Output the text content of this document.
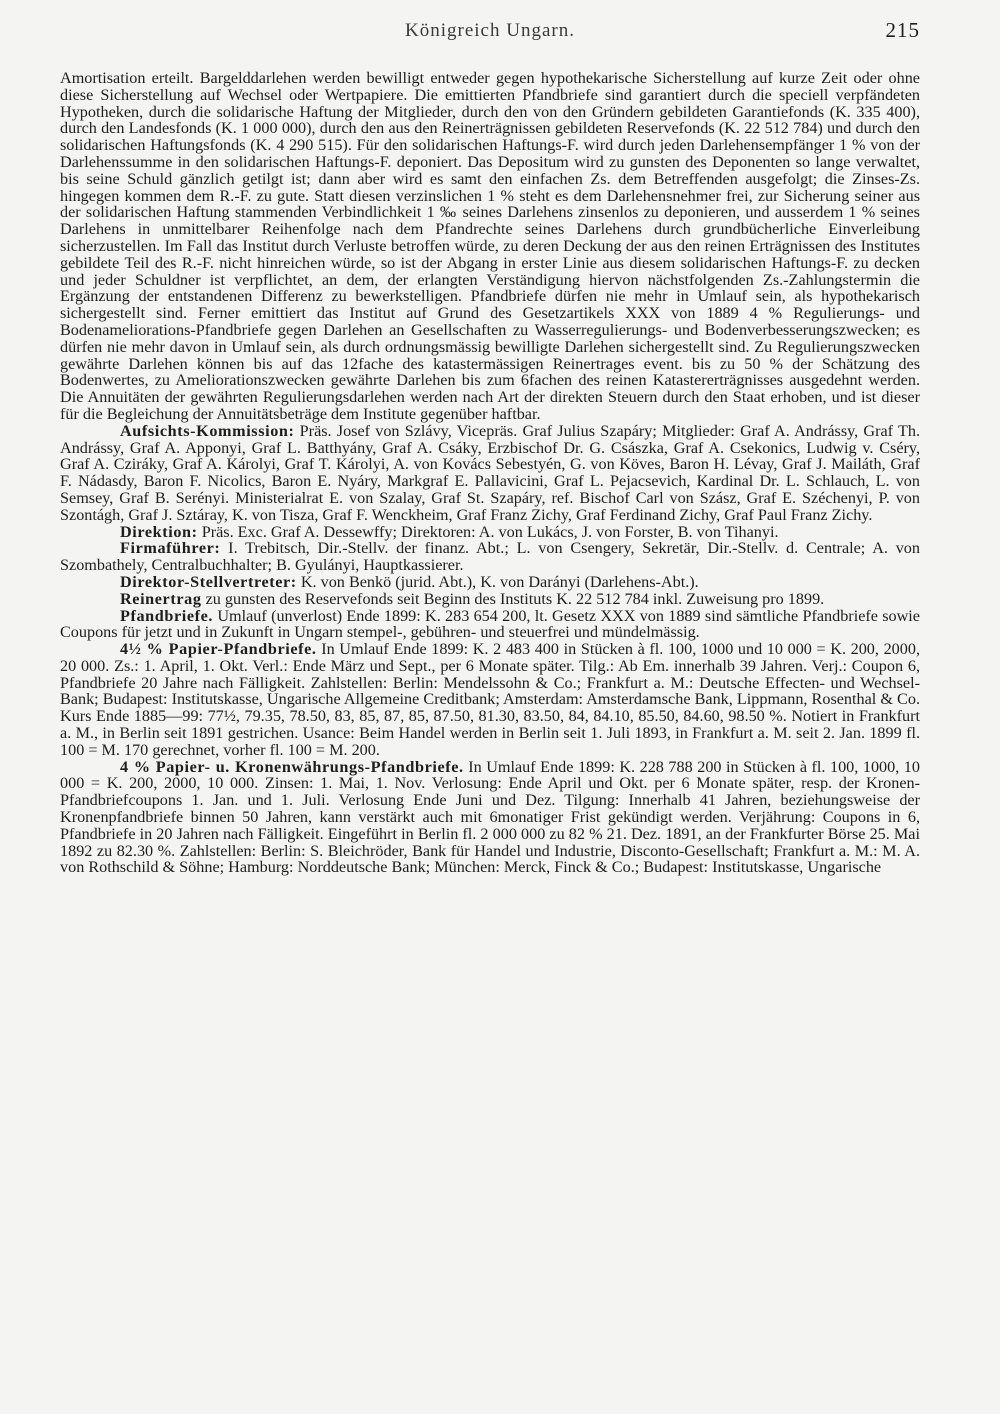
Königreich Ungarn.	215

Amortisation erteilt. Bargelddarlehen werden bewilligt entweder gegen hypothekarische Sicherstellung auf kurze Zeit oder ohne diese Sicherstellung auf Wechsel oder Wertpapiere. Die emittierten Pfandbriefe sind garantiert durch die speciell verpfändeten Hypotheken, durch die solidarische Haftung der Mitglieder, durch den von den Gründern gebildeten Garantiefonds (K. 335 400), durch den Landesfonds (K. 1 000 000), durch den aus den Reinerträgnissen gebildeten Reservefonds (K. 22 512 784) und durch den solidarischen Haftungsfonds (K. 4 290 515). Für den solidarischen Haftungs-F. wird durch jeden Darlehensempfänger 1 % von der Darlehenssumme in den solidarischen Haftungs-F. deponiert. Das Depositum wird zu gunsten des Deponenten so lange verwaltet, bis seine Schuld gänzlich getilgt ist; dann aber wird es samt den einfachen Zs. dem Betreffenden ausgefolgt; die Zinses-Zs. hingegen kommen dem R.-F. zu gute. Statt diesen verzinslichen 1 % steht es dem Darlehensnehmer frei, zur Sicherung seiner aus der solidarischen Haftung stammenden Verbindlichkeit 1 ‰ seines Darlehens zinsenlos zu deponieren, und ausserdem 1 % seines Darlehens in unmittelbarer Reihenfolge nach dem Pfandrechte seines Darlehens durch grundbücherliche Einverleibung sicherzustellen. Im Fall das Institut durch Verluste betroffen würde, zu deren Deckung der aus den reinen Erträgnissen des Institutes gebildete Teil des R.-F. nicht hinreichen würde, so ist der Abgang in erster Linie aus diesem solidarischen Haftungs-F. zu decken und jeder Schuldner ist verpflichtet, an dem, der erlangten Verständigung hiervon nächstfolgenden Zs.-Zahlungstermin die Ergänzung der entstandenen Differenz zu bewerkstelligen. Pfandbriefe dürfen nie mehr in Umlauf sein, als hypothekarisch sichergestellt sind. Ferner emittiert das Institut auf Grund des Gesetzartikels XXX von 1889 4 % Regulierungs- und Bodenameliorations-Pfandbriefe gegen Darlehen an Gesellschaften zu Wasserregulierungs- und Bodenverbesserungszwecken; es dürfen nie mehr davon in Umlauf sein, als durch ordnungsmässig bewilligte Darlehen sichergestellt sind. Zu Regulierungszwecken gewährte Darlehen können bis auf das 12fache des katastermässigen Reinertrages event. bis zu 50 % der Schätzung des Bodenwertes, zu Ameliorationszwecken gewährte Darlehen bis zum 6fachen des reinen Katastererträgnisses ausgedehnt werden. Die Annuitäten der gewährten Regulierungsdarlehen werden nach Art der direkten Steuern durch den Staat erhoben, und ist dieser für die Begleichung der Annuitätsbeträge dem Institute gegenüber haftbar.

Aufsichts-Kommission: Präs. Josef von Szlávy, Vicepräs. Graf Julius Szapáry; Mitglieder: Graf A. Andrássy, Graf Th. Andrássy, Graf A. Apponyi, Graf L. Batthyány, Graf A. Csáky, Erzbischof Dr. G. Császka, Graf A. Csekonics, Ludwig v. Cséry, Graf A. Cziráky, Graf A. Károlyi, Graf T. Károlyi, A. von Kovács Sebestyén, G. von Köves, Baron H. Lévay, Graf J. Mailáth, Graf F. Nádasdy, Baron F. Nicolics, Baron E. Nyáry, Markgraf E. Pallavicini, Graf L. Pejacsevich, Kardinal Dr. L. Schlauch, L. von Semsey, Graf B. Serényi. Ministerialrat E. von Szalay, Graf St. Szapáry, ref. Bischof Carl von Szász, Graf E. Széchenyi, P. von Szontágh, Graf J. Sztáray, K. von Tisza, Graf F. Wenckheim, Graf Franz Zichy, Graf Ferdinand Zichy, Graf Paul Franz Zichy.

Direktion: Präs. Exc. Graf A. Dessewffy; Direktoren: A. von Lukács, J. von Forster, B. von Tihanyi.

Firmaführer: I. Trebitsch, Dir.-Stellv. der finanz. Abt.; L. von Csengery, Sekretär, Dir.-Stellv. d. Centrale; A. von Szombathely, Centralbuchhalter; B. Gyulányi, Hauptkassierer.

Direktor-Stellvertreter: K. von Benkö (jurid. Abt.), K. von Darányi (Darlehens-Abt.).

Reinertrag zu gunsten des Reservefonds seit Beginn des Instituts K. 22 512 784 inkl. Zuweisung pro 1899.

Pfandbriefe. Umlauf (unverlost) Ende 1899: K. 283 654 200, lt. Gesetz XXX von 1889 sind sämtliche Pfandbriefe sowie Coupons für jetzt und in Zukunft in Ungarn stempel-, gebühren- und steuerfrei und mündelmässig.

4½ % Papier-Pfandbriefe. In Umlauf Ende 1899: K. 2 483 400 in Stücken à fl. 100, 1000 und 10 000 = K. 200, 2000, 20 000. Zs.: 1. April, 1. Okt. Verl.: Ende März und Sept., per 6 Monate später. Tilg.: Ab Em. innerhalb 39 Jahren. Verj.: Coupon 6, Pfandbriefe 20 Jahre nach Fälligkeit. Zahlstellen: Berlin: Mendelssohn & Co.; Frankfurt a. M.: Deutsche Effecten- und Wechsel-Bank; Budapest: Institutskasse, Ungarische Allgemeine Creditbank; Amsterdam: Amsterdamsche Bank, Lippmann, Rosenthal & Co. Kurs Ende 1885—99: 77½, 79.35, 78.50, 83, 85, 87, 85, 87.50, 81.30, 83.50, 84, 84.10, 85.50, 84.60, 98.50 %. Notiert in Frankfurt a. M., in Berlin seit 1891 gestrichen. Usance: Beim Handel werden in Berlin seit 1. Juli 1893, in Frankfurt a. M. seit 2. Jan. 1899 fl. 100 = M. 170 gerechnet, vorher fl. 100 = M. 200.

4 % Papier- u. Kronenwährungs-Pfandbriefe. In Umlauf Ende 1899: K. 228 788 200 in Stücken à fl. 100, 1000, 10 000 = K. 200, 2000, 10 000. Zinsen: 1. Mai, 1. Nov. Verlosung: Ende April und Okt. per 6 Monate später, resp. der Kronen-Pfandbriefcoupons 1. Jan. und 1. Juli. Verlosung Ende Juni und Dez. Tilgung: Innerhalb 41 Jahren, beziehungsweise der Kronenpfandbriefe binnen 50 Jahren, kann verstärkt auch mit 6monatiger Frist gekündigt werden. Verjährung: Coupons in 6, Pfandbriefe in 20 Jahren nach Fälligkeit. Eingeführt in Berlin fl. 2 000 000 zu 82 % 21. Dez. 1891, an der Frankfurter Börse 25. Mai 1892 zu 82.30 %. Zahlstellen: Berlin: S. Bleichröder, Bank für Handel und Industrie, Disconto-Gesellschaft; Frankfurt a. M.: M. A. von Rothschild & Söhne; Hamburg: Norddeutsche Bank; München: Merck, Finck & Co.; Budapest: Institutskasse, Ungarische
